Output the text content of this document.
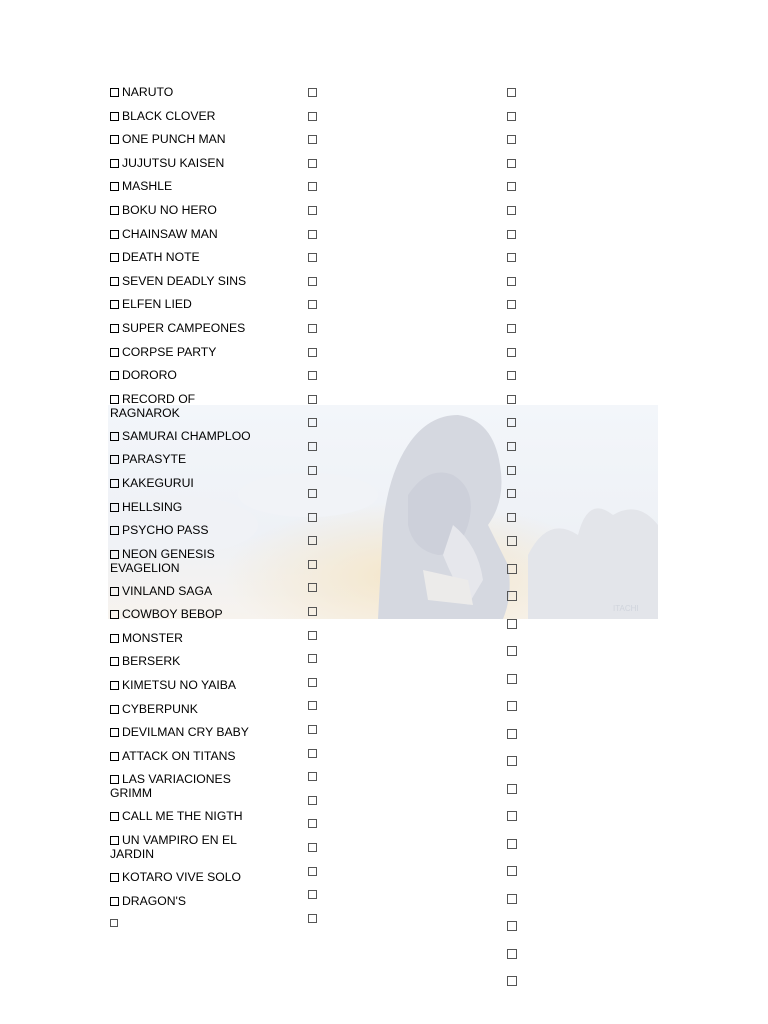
ITACHI
NARUTO
BLACK CLOVER
ONE PUNCH MAN
JUJUTSU KAISEN
MASHLE
BOKU NO HERO
CHAINSAW MAN
DEATH NOTE
SEVEN DEADLY SINS
ELFEN LIED
SUPER CAMPEONES
CORPSE PARTY
DORORO
RECORD OF RAGNAROK
SAMURAI CHAMPLOO
PARASYTE
KAKEGURUI
HELLSING
PSYCHO PASS
NEON GENESIS EVAGELION
VINLAND SAGA
COWBOY BEBOP
MONSTER
BERSERK
KIMETSU NO YAIBA
CYBERPUNK
DEVILMAN CRY BABY
ATTACK ON TITANS
LAS VARIACIONES GRIMM
CALL ME THE NIGTH
UN VAMPIRO EN EL JARDIN
KOTARO VIVE SOLO
DRAGON'S
